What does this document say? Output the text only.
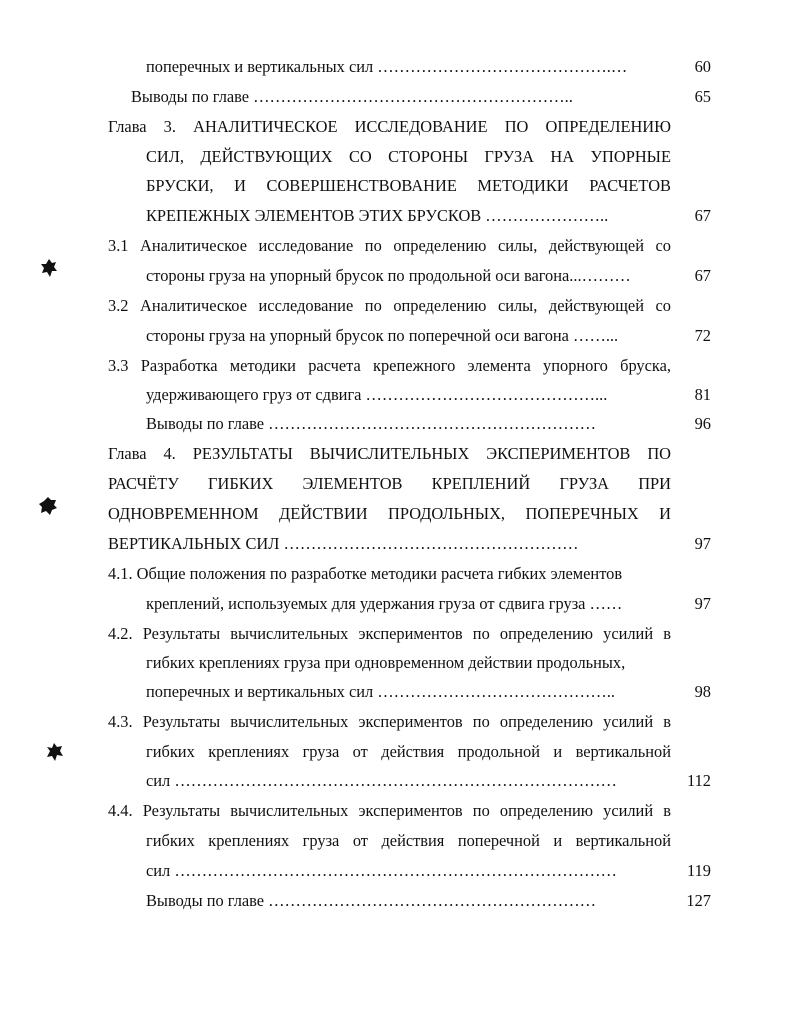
поперечных и вертикальных сил …………………………………….…	60
Выводы по главе …………………………………………………..	65
Глава 3. АНАЛИТИЧЕСКОЕ ИССЛЕДОВАНИЕ ПО ОПРЕДЕЛЕНИЮ
СИЛ, ДЕЙСТВУЮЩИХ СО СТОРОНЫ ГРУЗА НА УПОРНЫЕ
БРУСКИ, И СОВЕРШЕНСТВОВАНИЕ МЕТОДИКИ РАСЧЕТОВ
КРЕПЕЖНЫХ ЭЛЕМЕНТОВ ЭТИХ БРУСКОВ …………………..	67
3.1 Аналитическое исследование по определению силы, действующей со
стороны груза на упорный брусок по продольной оси вагона...………	67
3.2 Аналитическое исследование по определению силы, действующей со
стороны груза на упорный брусок по поперечной оси вагона ……...	72
3.3 Разработка методики расчета крепежного элемента упорного бруска,
удерживающего груз от сдвига ……………………………………...	81
Выводы по главе ……………………………………………………	96
Глава 4. РЕЗУЛЬТАТЫ ВЫЧИСЛИТЕЛЬНЫХ ЭКСПЕРИМЕНТОВ ПО
РАСЧЁТУ ГИБКИХ ЭЛЕМЕНТОВ КРЕПЛЕНИЙ ГРУЗА ПРИ
ОДНОВРЕМЕННОМ ДЕЙСТВИИ ПРОДОЛЬНЫХ, ПОПЕРЕЧНЫХ И
ВЕРТИКАЛЬНЫХ СИЛ ………………………………………………	97
4.1. Общие положения по разработке методики расчета гибких элементов
креплений, используемых для удержания груза от сдвига груза ……	97
4.2. Результаты вычислительных экспериментов по определению усилий в
гибких креплениях груза при одновременном действии продольных,
поперечных и вертикальных сил ……………………………………..	98
4.3. Результаты вычислительных экспериментов по определению усилий в
гибких креплениях груза от действия продольной и вертикальной
сил ………………………………………………………………………	112
4.4. Результаты вычислительных экспериментов по определению усилий в
гибких креплениях груза от действия поперечной и вертикальной
сил ………………………………………………………………………	119
Выводы по главе ……………………………………………………	127
